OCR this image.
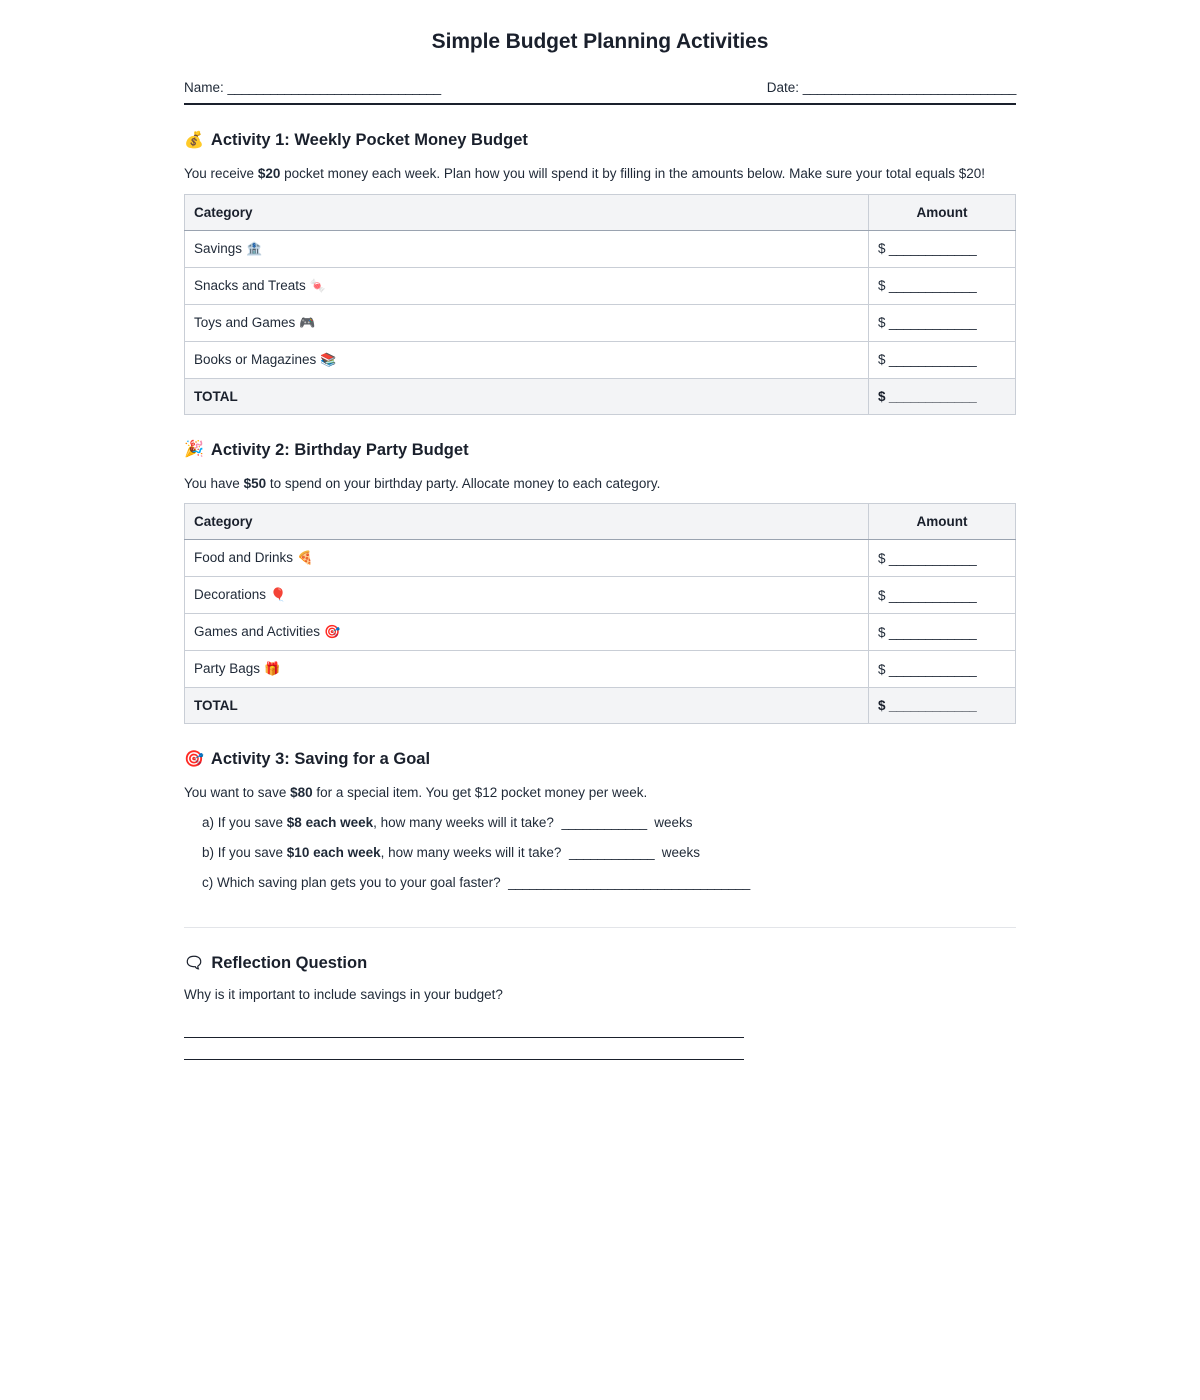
Simple Budget Planning Activities
Name: ______________________________	Date: ______________________________
💰 Activity 1: Weekly Pocket Money Budget

You receive $20 pocket money each week. Plan how you will spend it by filling in the amounts below. Make sure your total equals $20!

Category	Amount
Savings 🏦	$ ____________
Snacks and Treats 🍬	$ ____________
Toys and Games 🎮	$ ____________
Books or Magazines 📚	$ ____________
TOTAL	$ ____________
🎉 Activity 2: Birthday Party Budget

You have $50 to spend on your birthday party. Allocate money to each category.

Category	Amount
Food and Drinks 🍕	$ ____________
Decorations 🎈	$ ____________
Games and Activities 🎯	$ ____________
Party Bags 🎁	$ ____________
TOTAL	$ ____________
🎯 Activity 3: Saving for a Goal

You want to save $80 for a special item. You get $12 pocket money per week.

a) If you save $8 each week, how many weeks will it take?  ____________  weeks
b) If you save $10 each week, how many weeks will it take?  ____________  weeks
c) Which saving plan gets you to your goal faster?  __________________________________
🗨 Reflection Question

Why is it important to include savings in your budget?
